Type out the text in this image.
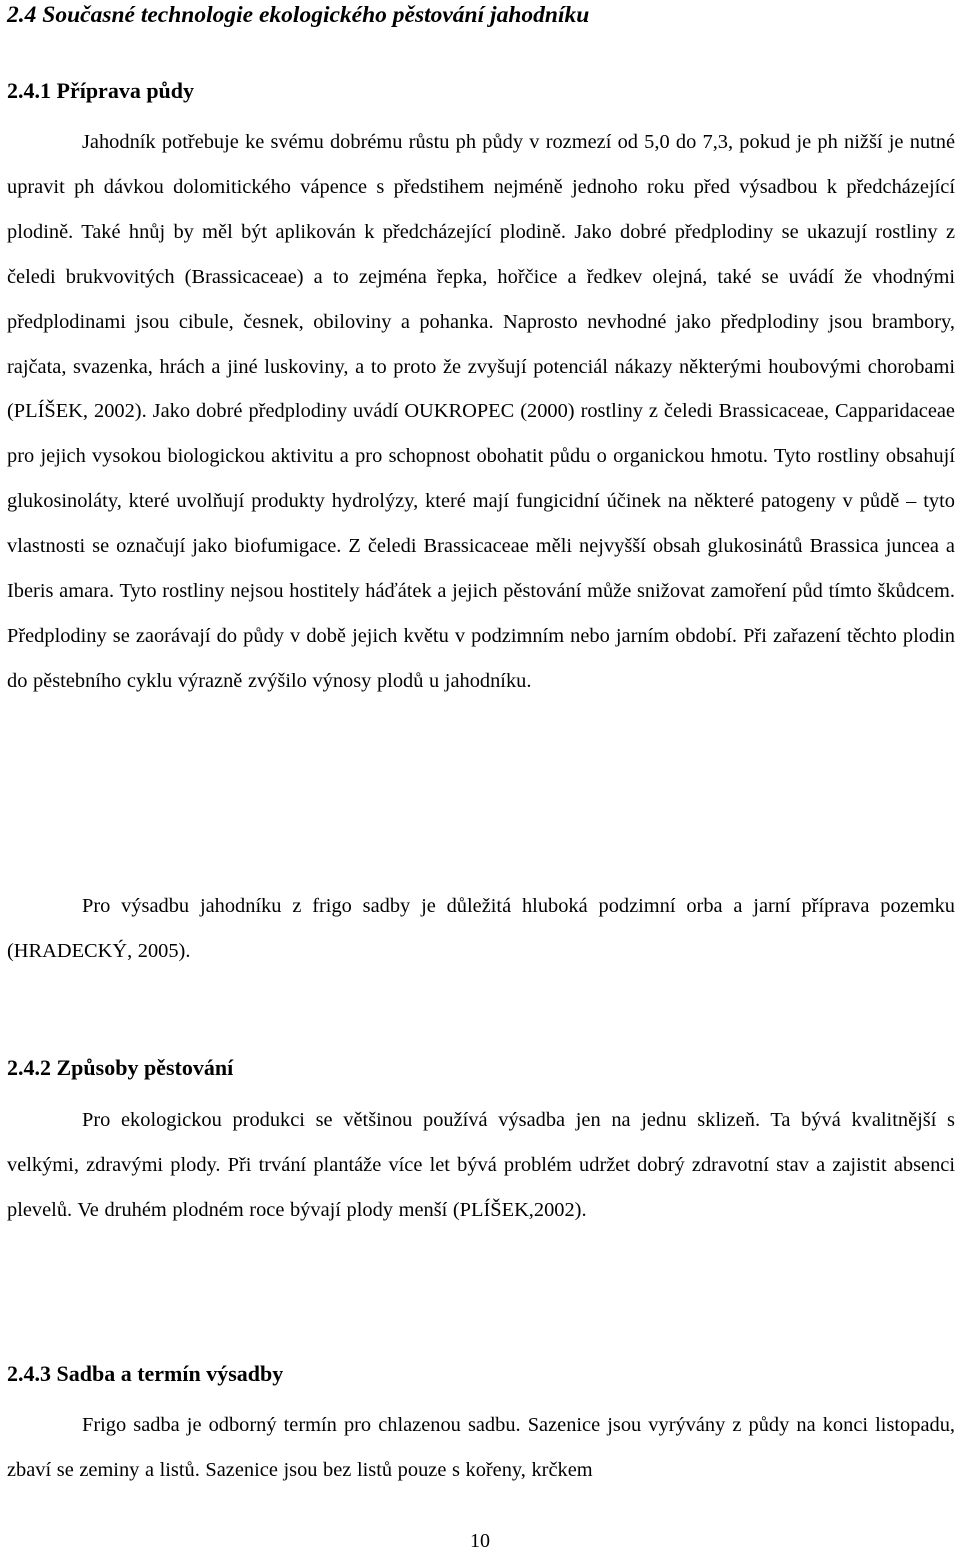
2.4 Současné technologie ekologického pěstování jahodníku
2.4.1 Příprava půdy

Jahodník potřebuje ke svému dobrému růstu ph půdy v rozmezí od 5,0 do 7,3, pokud je ph nižší je nutné upravit ph dávkou dolomitického vápence s předstihem nejméně jednoho roku před výsadbou k předcházející plodině. Také hnůj by měl být aplikován k předcházející plodině. Jako dobré předplodiny se ukazují rostliny z čeledi brukvovitých (Brassicaceae) a to zejména řepka, hořčice a ředkev olejná, také se uvádí že vhodnými předplodinami jsou cibule, česnek, obiloviny a pohanka. Naprosto nevhodné jako předplodiny jsou brambory, rajčata, svazenka, hrách a jiné luskoviny, a to proto že zvyšují potenciál nákazy některými houbovými chorobami (PLÍŠEK, 2002). Jako dobré předplodiny uvádí OUKROPEC (2000) rostliny z čeledi Brassicaceae, Capparidaceae pro jejich vysokou biologickou aktivitu a pro schopnost obohatit půdu o organickou hmotu. Tyto rostliny obsahují glukosinoláty, které uvolňují produkty hydrolýzy, které mají fungicidní účinek na některé patogeny v půdě – tyto vlastnosti se označují jako biofumigace. Z čeledi Brassicaceae měli nejvyšší obsah glukosinátů Brassica juncea a Iberis amara. Tyto rostliny nejsou hostitely háďátek a jejich pěstování může snižovat zamoření půd tímto škůdcem. Předplodiny se zaorávají do půdy v době jejich květu v podzimním nebo jarním období. Při zařazení těchto plodin do pěstebního cyklu výrazně zvýšilo výnosy plodů u jahodníku.

Pro výsadbu jahodníku z frigo sadby je důležitá hluboká podzimní orba a jarní příprava pozemku (HRADECKÝ, 2005).

2.4.2 Způsoby pěstování

Pro ekologickou produkci se většinou používá výsadba jen na jednu sklizeň. Ta bývá kvalitnější s velkými, zdravými plody. Při trvání plantáže více let bývá problém udržet dobrý zdravotní stav a zajistit absenci plevelů. Ve druhém plodném roce bývají plody menší (PLÍŠEK,2002).

2.4.3 Sadba a termín výsadby

Frigo sadba je odborný termín pro chlazenou sadbu. Sazenice jsou vyrývány z půdy na konci listopadu, zbaví se zeminy a listů. Sazenice jsou bez listů pouze s kořeny, krčkem

10
